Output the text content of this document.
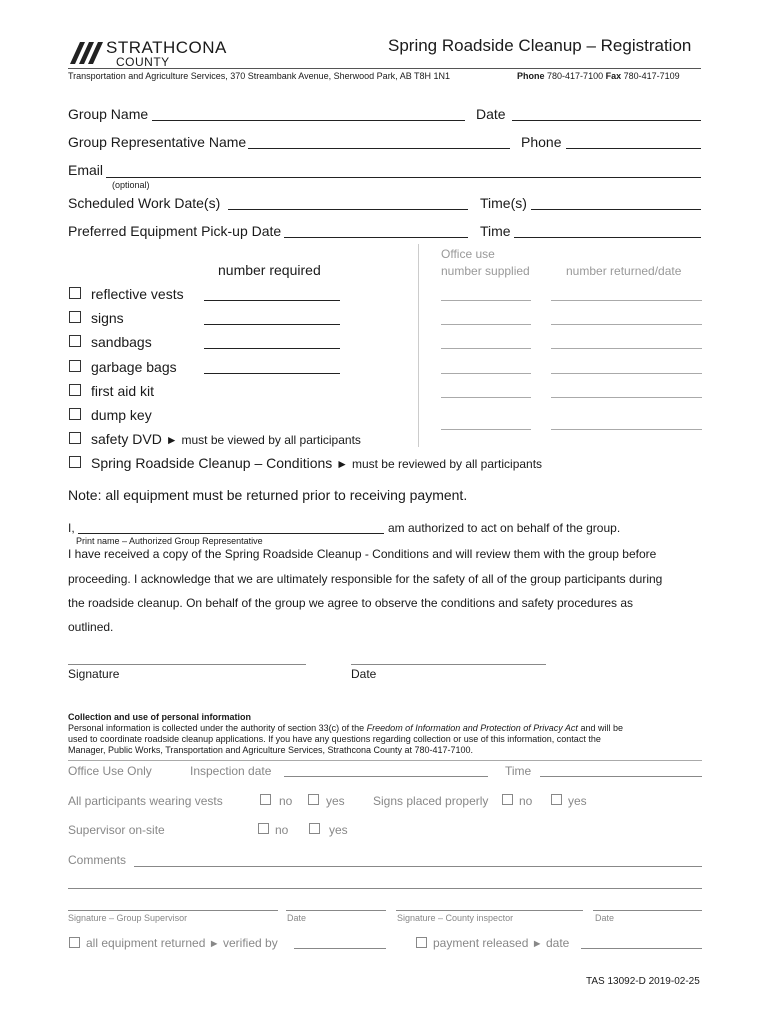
STRATHCONA
COUNTY
Spring Roadside Cleanup – Registration
Transportation and Agriculture Services, 370 Streambank Avenue, Sherwood Park, AB T8H 1N1	Phone 780-417-7100 Fax 780-417-7109
Group Name	Date
Group Representative Name	Phone
Email
(optional)
Scheduled Work Date(s)	Time(s)
Preferred Equipment Pick-up Date	Time
Office use
number required	number supplied	number returned/date
reflective vests
signs
sandbags
garbage bags
first aid kit
dump key
safety DVD ► must be viewed by all participants
Spring Roadside Cleanup – Conditions ► must be reviewed by all participants
Note: all equipment must be returned prior to receiving payment.
I,	am authorized to act on behalf of the group.
Print name – Authorized Group Representative
I have received a copy of the Spring Roadside Cleanup - Conditions and will review them with the group before
proceeding. I acknowledge that we are ultimately responsible for the safety of all of the group participants during
the roadside cleanup. On behalf of the group we agree to observe the conditions and safety procedures as
outlined.
Signature	Date
Collection and use of personal information
Personal information is collected under the authority of section 33(c) of the Freedom of Information and Protection of Privacy Act and will be
used to coordinate roadside cleanup applications. If you have any questions regarding collection or use of this information, contact the
Manager, Public Works, Transportation and Agriculture Services, Strathcona County at 780-417-7100.
Office Use Only	Inspection date	Time
All participants wearing vests	no	yes Signs placed properly	no	yes
Supervisor on-site	no	yes
Comments
Signature – Group Supervisor	Date	Signature – County inspector	Date
all equipment returned ► verified by	payment released ► date
TAS 13092-D 2019-02-25
